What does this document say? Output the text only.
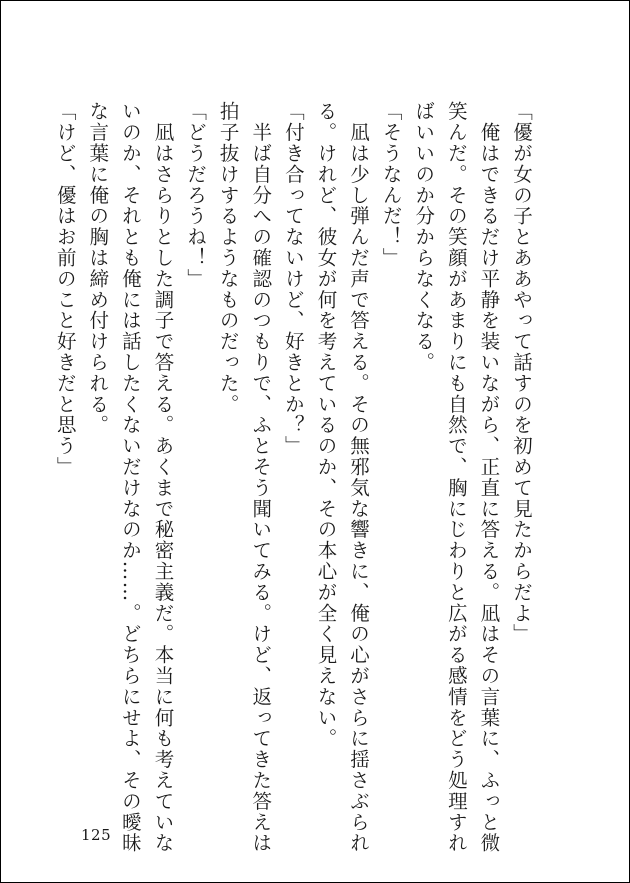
「優が女の子とああやって話すのを初めて見たからだよ」
　俺はできるだけ平静を装いながら、正直に答える。凪はその言葉に、ふっと微
笑んだ。その笑顔があまりにも自然で、胸にじわりと広がる感情をどう処理すれ
ばいいのか分からなくなる。
「そうなんだ！」
　凪は少し弾んだ声で答える。その無邪気な響きに、俺の心がさらに揺さぶられ
る。けれど、彼女が何を考えているのか、その本心が全く見えない。
「付き合ってないけど、好きとか？」
　半ば自分への確認のつもりで、ふとそう聞いてみる。けど、返ってきた答えは
拍子抜けするようなものだった。
「どうだろうね！」
　凪はさらりとした調子で答える。あくまで秘密主義だ。本当に何も考えていな
いのか、それとも俺には話したくないだけなのか……。どちらにせよ、その曖昧
な言葉に俺の胸は締め付けられる。
「けど、優はお前のこと好きだと思う」
125
